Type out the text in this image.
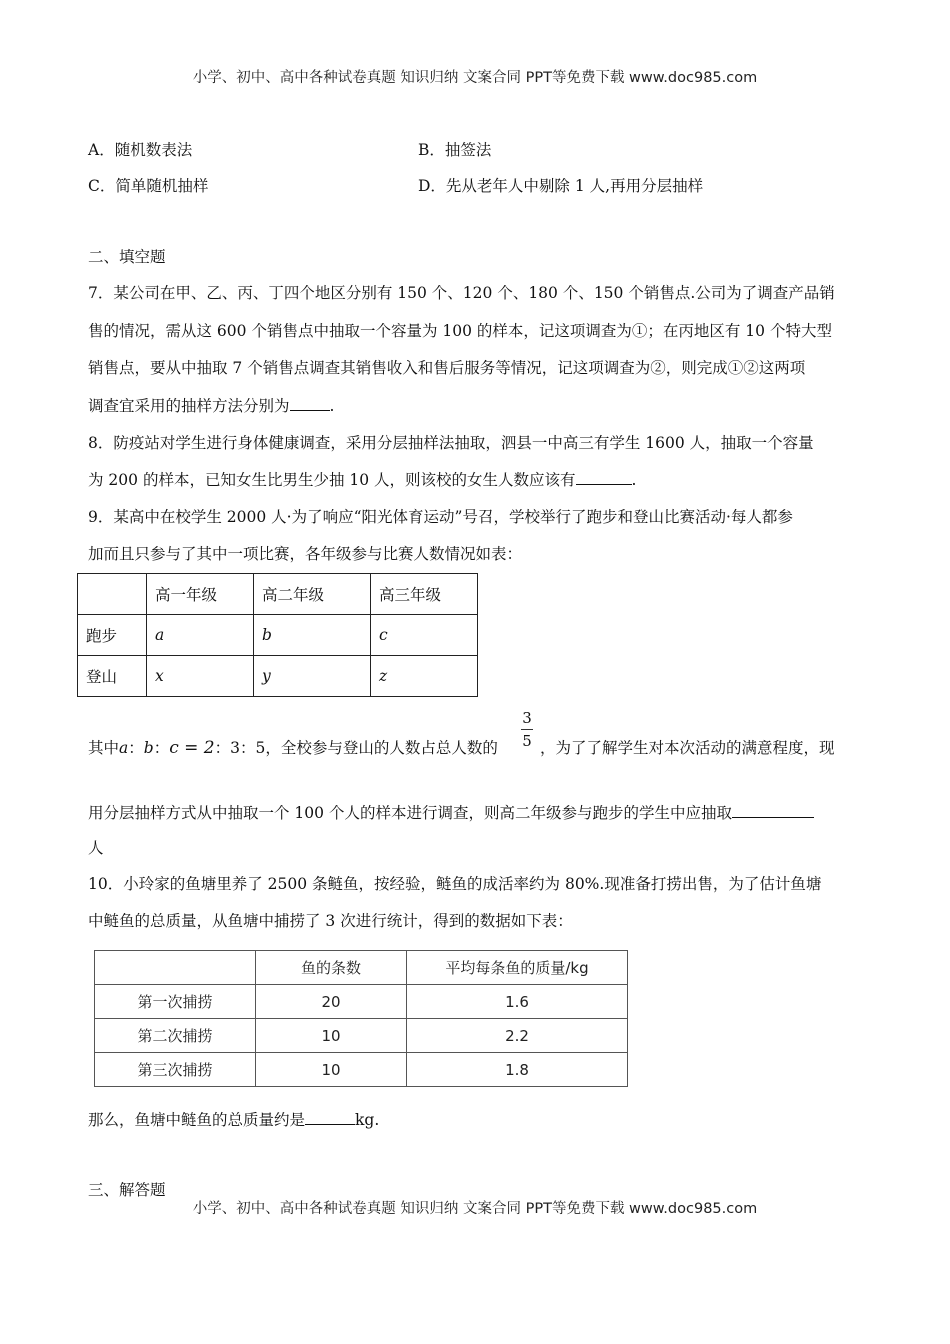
小学、初中、高中各种试卷真题 知识归纳 文案合同 PPT等免费下载 www.doc985.com
A．随机数表法	B．抽签法
C．简单随机抽样	D．先从老年人中剔除 1 人,再用分层抽样
二、填空题
7．某公司在甲、乙、丙、丁四个地区分别有 150 个、120 个、180 个、150 个销售点.公司为了调查产品销
售的情况，需从这 600 个销售点中抽取一个容量为 100 的样本，记这项调查为①；在丙地区有 10 个特大型
销售点，要从中抽取 7 个销售点调查其销售收入和售后服务等情况，记这项调查为②，则完成①②这两项
调查宜采用的抽样方法分别为	.
8．防疫站对学生进行身体健康调查，采用分层抽样法抽取，泗县一中高三有学生 1600 人，抽取一个容量
为 200 的样本，已知女生比男生少抽 10 人，则该校的女生人数应该有	.
9．某高中在校学生 2000 人·为了响应“阳光体育运动”号召，学校举行了跑步和登山比赛活动·每人都参
加而且只参与了其中一项比赛，各年级参与比赛人数情况如表：
	高一年级	高二年级	高三年级
跑步	a	b	c
登山	x	y	z
3
5
其中a：b：c = 2：3：5，全校参与登山的人数占总人数的	，为了了解学生对本次活动的满意程度，现
用分层抽样方式从中抽取一个 100 个人的样本进行调查，则高二年级参与跑步的学生中应抽取
人
10．小玲家的鱼塘里养了 2500 条鲢鱼，按经验，鲢鱼的成活率约为 80%.现准备打捞出售，为了估计鱼塘
中鲢鱼的总质量，从鱼塘中捕捞了 3 次进行统计，得到的数据如下表：
	鱼的条数	平均每条鱼的质量/kg
第一次捕捞	20	1.6
第二次捕捞	10	2.2
第三次捕捞	10	1.8
那么，鱼塘中鲢鱼的总质量约是	kg.
三、解答题
小学、初中、高中各种试卷真题 知识归纳 文案合同 PPT等免费下载 www.doc985.com
